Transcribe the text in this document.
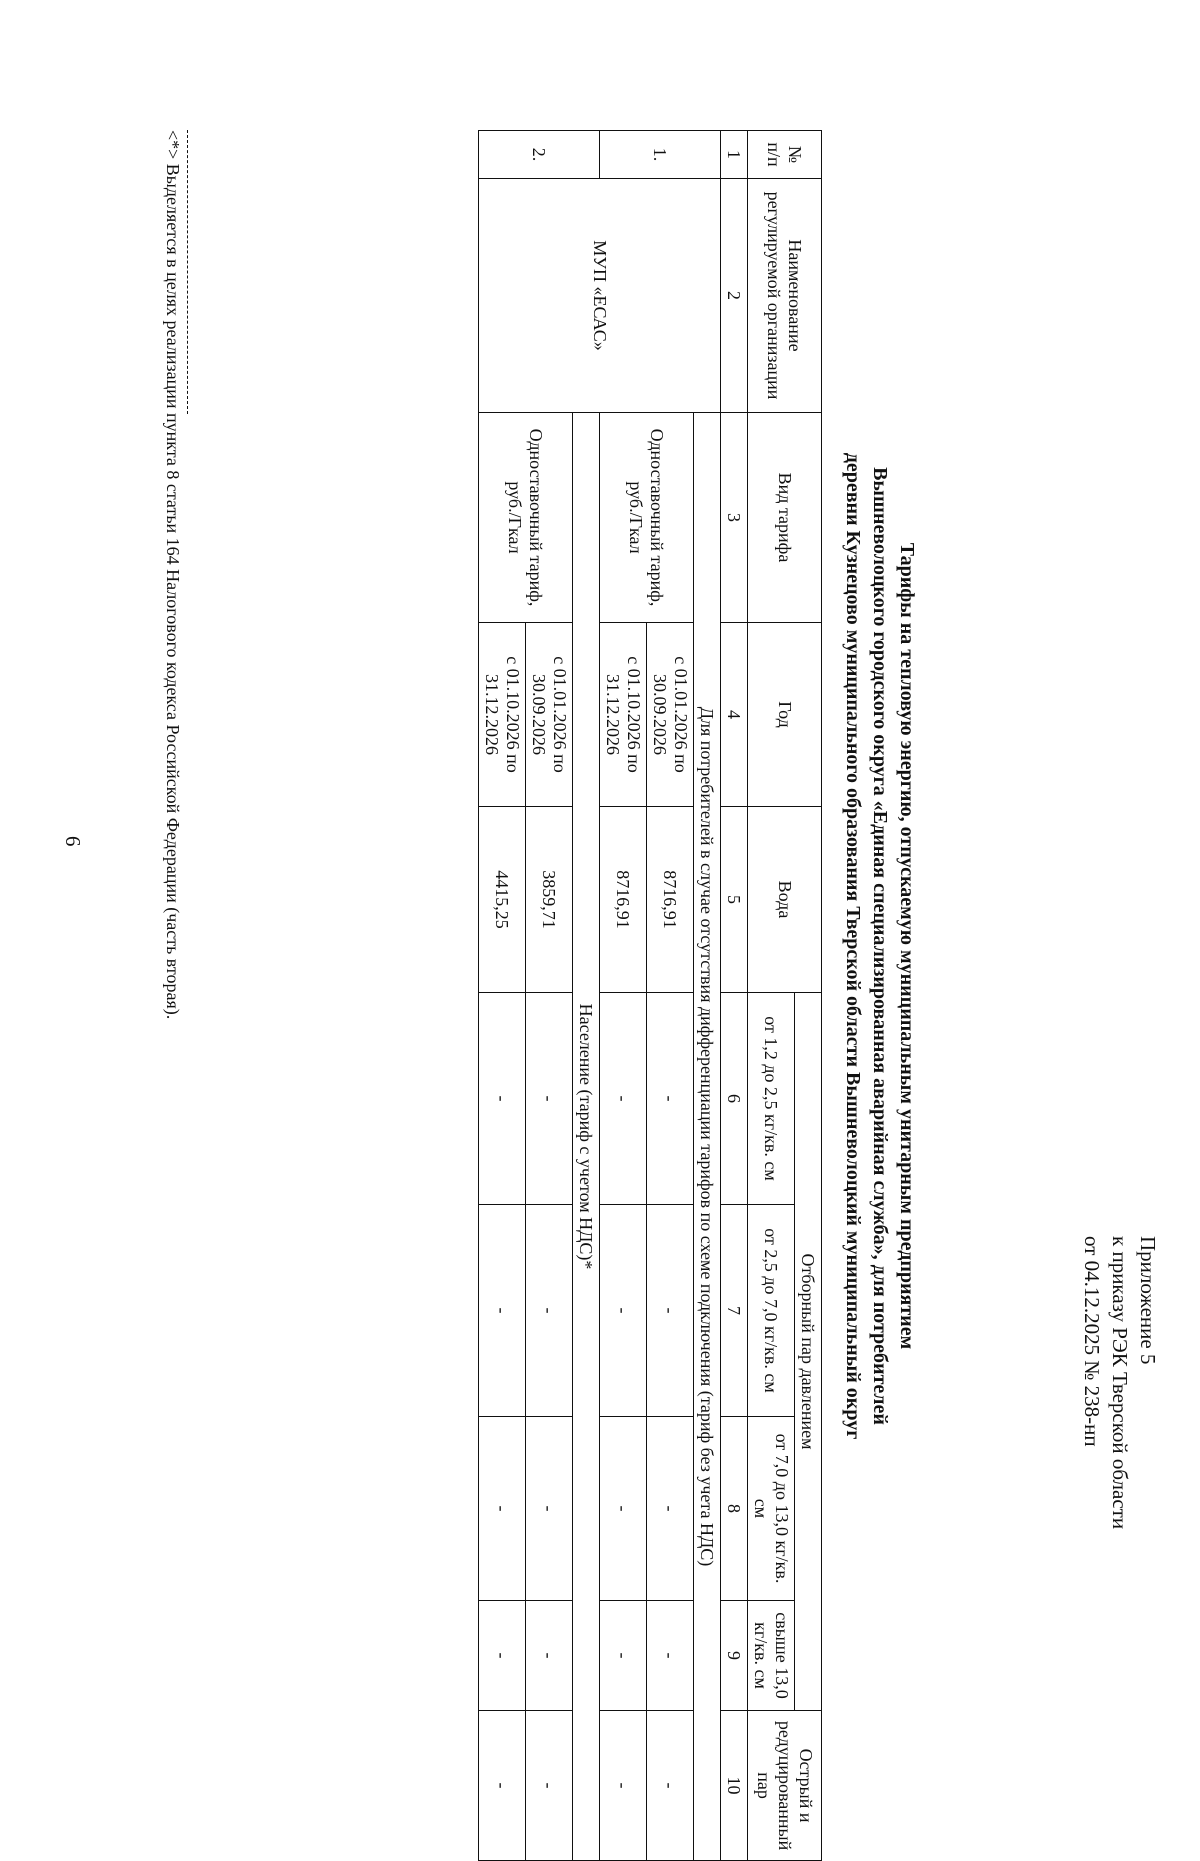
6
Приложение 5
к приказу РЭК Тверской области
от 04.12.2025 № 238-нп
Тарифы на тепловую энергию, отпускаемую муниципальным унитарным предприятием
Вышневолоцкого городского округа «Единая специализированная аварийная служба», для потребителей
деревни Кузнецово муниципального образования Тверской области Вышневолоцкий муниципальный округ
№ п/п	Наименование регулируемой организации	Вид тарифа	Год	Вода	Отборный пар давлением				Острый и редуцированный пар
					от 1,2 до 2,5 кг/кв. см	от 2,5 до 7,0 кг/кв. см	от 7,0 до 13,0 кг/кв. см	свыше 13,0 кг/кв. см	
1	2	3	4	5	6	7	8	9	10
1.	МУП «ЕСАС»	Для потребителей в случае отсутствия дифференциации тарифов по схеме подключения (тариф без учета НДС)							
		Одноставочный тариф, руб./Гкал	с 01.01.2026 по 30.09.2026	8716,91	-	-	-	-	-
			с 01.10.2026 по 31.12.2026	8716,91	-	-	-	-	-
2.		Население (тариф с учетом НДС)*							
		Одноставочный тариф, руб./Гкал	с 01.01.2026 по 30.09.2026	3859,71	-	-	-	-	-
			с 01.10.2026 по 31.12.2026	4415,25	-	-	-	-	-
<*> Выделяется в целях реализации пункта 8 статьи 164 Налогового кодекса Российской Федерации (часть вторая).
